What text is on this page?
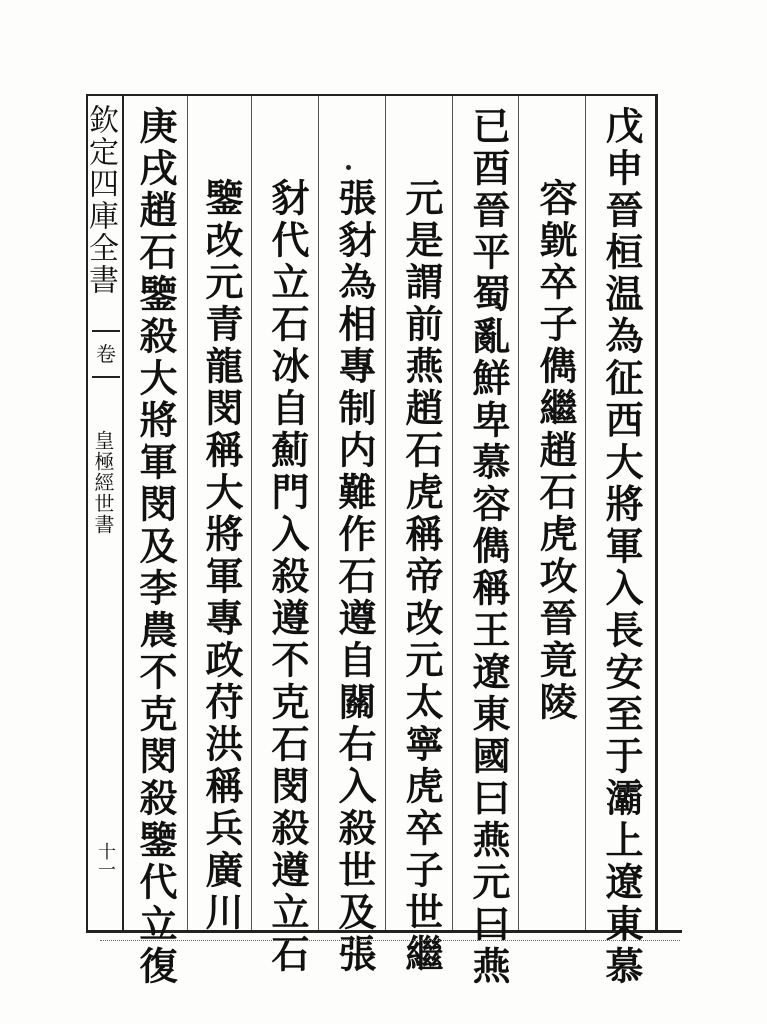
欽定四庫全書
卷
皇極經世書
十一	戊申晉桓温為征西大將軍入長安至于灞上遼東慕
容皝卒子儁繼趙石虎攻晉竟陵
已酉晉平蜀亂鮮卑慕容儁稱王遼東國曰燕元曰燕
元是謂前燕趙石虎稱帝改元太寧虎卒子世繼
張豺為相專制内難作石遵自關右入殺世及張
豺代立石冰自薊門入殺遵不克石閔殺遵立石
鑒改元青龍閔稱大將軍專政苻洪稱兵廣川
庚戌趙石鑒殺大將軍閔及李農不克閔殺鑒代立復
